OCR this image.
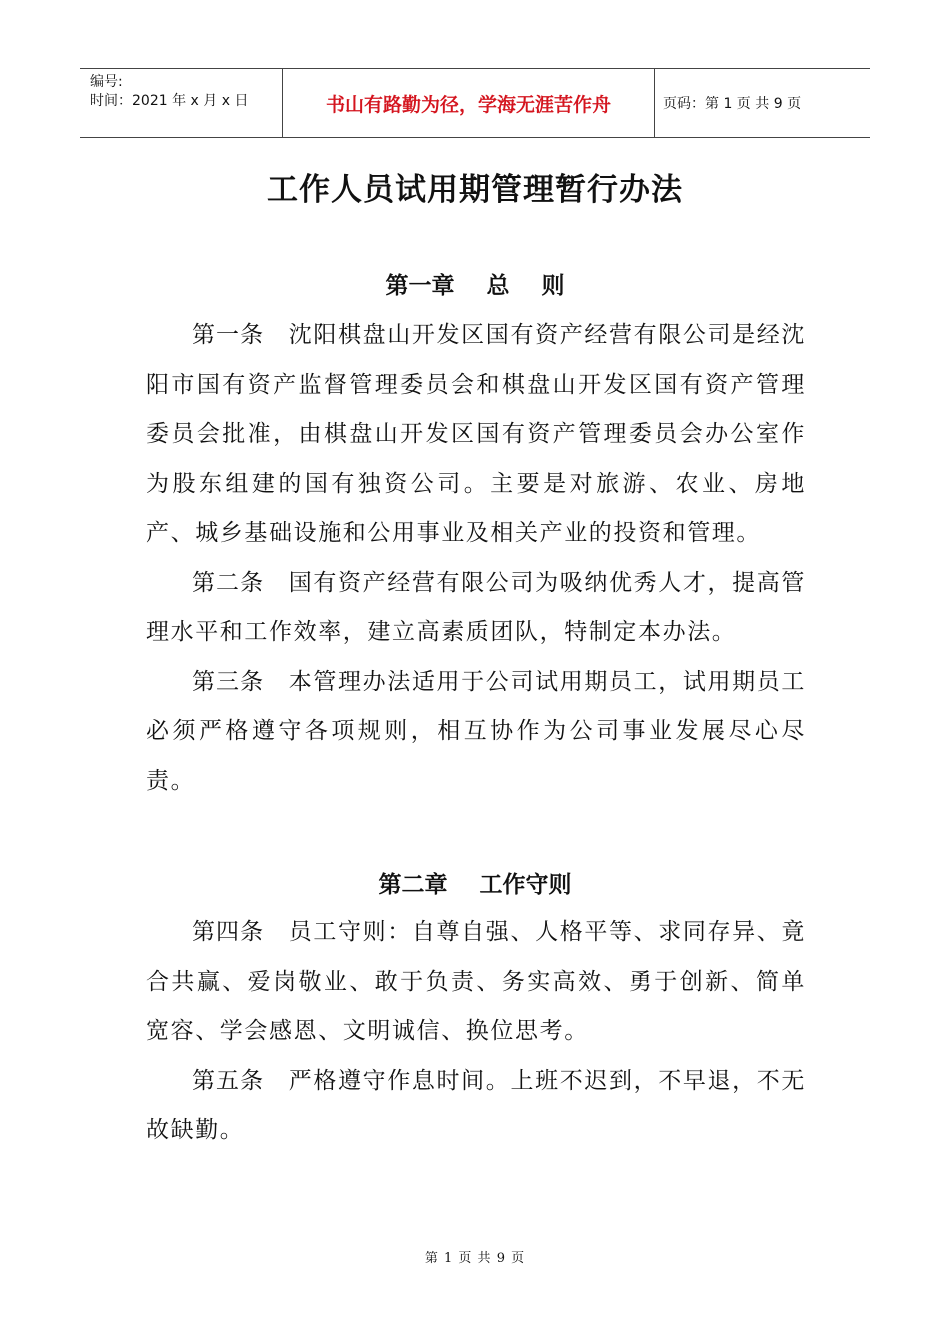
编号:
时间：2021 年 x 月 x 日	书山有路勤为径，学海无涯苦作舟	页码：第 1 页 共 9 页
工作人员试用期管理暂行办法
第一章    总    则

第一条  沈阳棋盘山开发区国有资产经营有限公司是经沈阳市国有资产监督管理委员会和棋盘山开发区国有资产管理委员会批准，由棋盘山开发区国有资产管理委员会办公室作为股东组建的国有独资公司。主要是对旅游、农业、房地产、城乡基础设施和公用事业及相关产业的投资和管理。

第二条  国有资产经营有限公司为吸纳优秀人才，提高管理水平和工作效率，建立高素质团队，特制定本办法。

第三条  本管理办法适用于公司试用期员工，试用期员工必须严格遵守各项规则，相互协作为公司事业发展尽心尽责。

第二章    工作守则

第四条  员工守则：自尊自强、人格平等、求同存异、竟合共赢、爱岗敬业、敢于负责、务实高效、勇于创新、简单宽容、学会感恩、文明诚信、换位思考。

第五条  严格遵守作息时间。上班不迟到，不早退，不无故缺勤。

第 1 页 共 9 页
